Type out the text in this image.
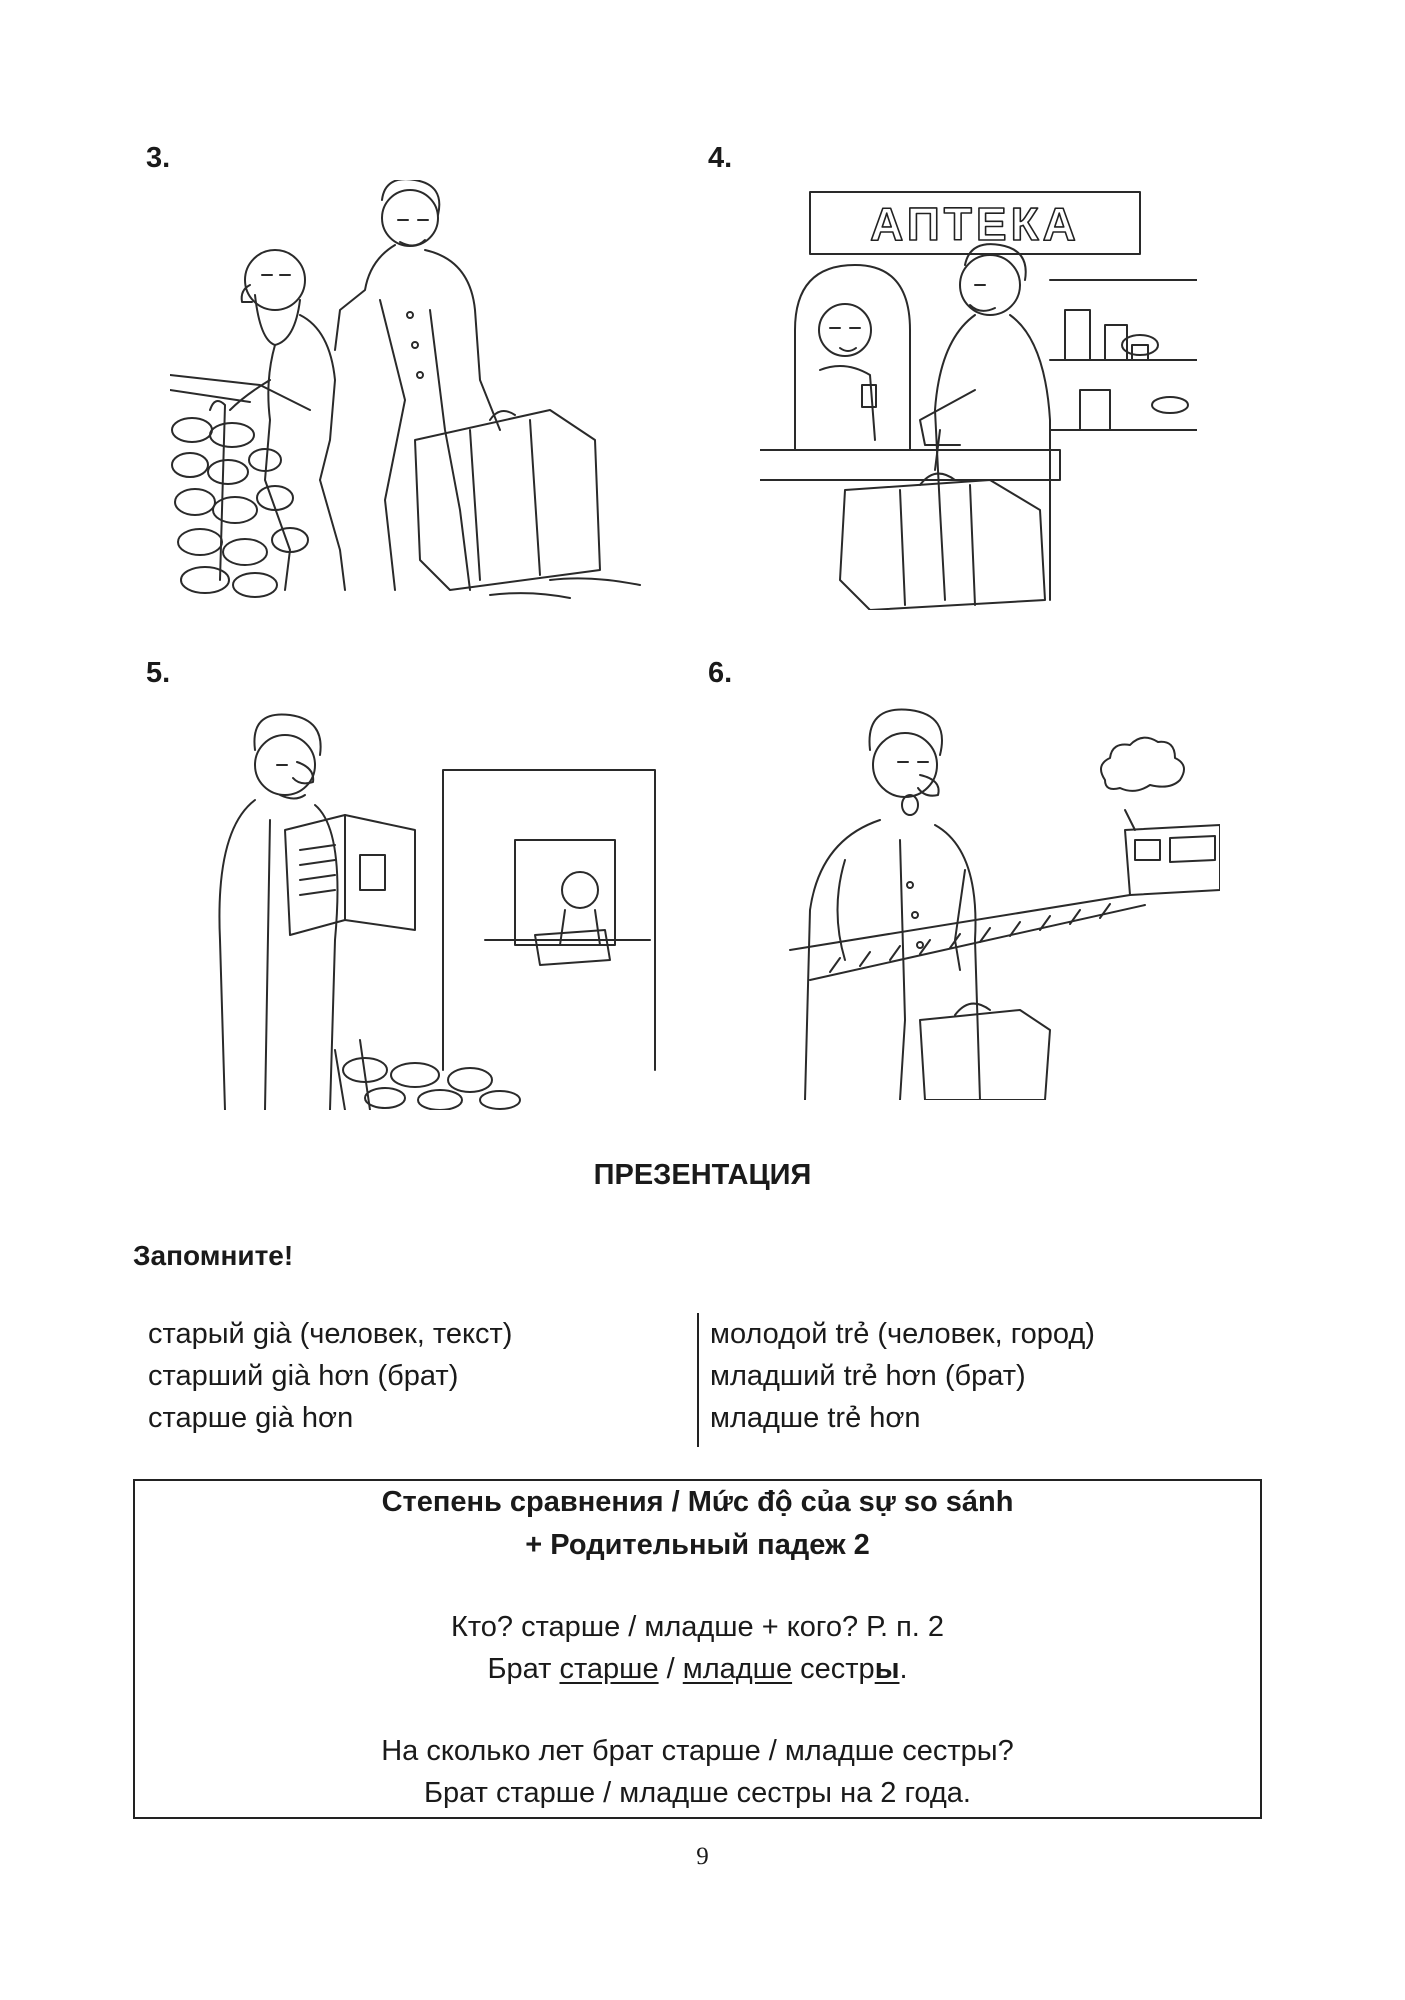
3.	4.
5.	6.
АПТЕКА
ПРЕЗЕНТАЦИЯ
Запомните!
старый già (человек, текст)
старший già hơn (брат)
старше già hơn
молодой trẻ (человек, город)
младший trẻ hơn (брат)
младше trẻ hơn
Степень сравнения / Mức độ của sự so sánh
+ Родительный падеж 2
Кто? старше / младше + кого? Р. п. 2
Брат старше / младше сестры.
На сколько лет брат старше / младше сестры?
Брат старше / младше сестры на 2 года.
9
